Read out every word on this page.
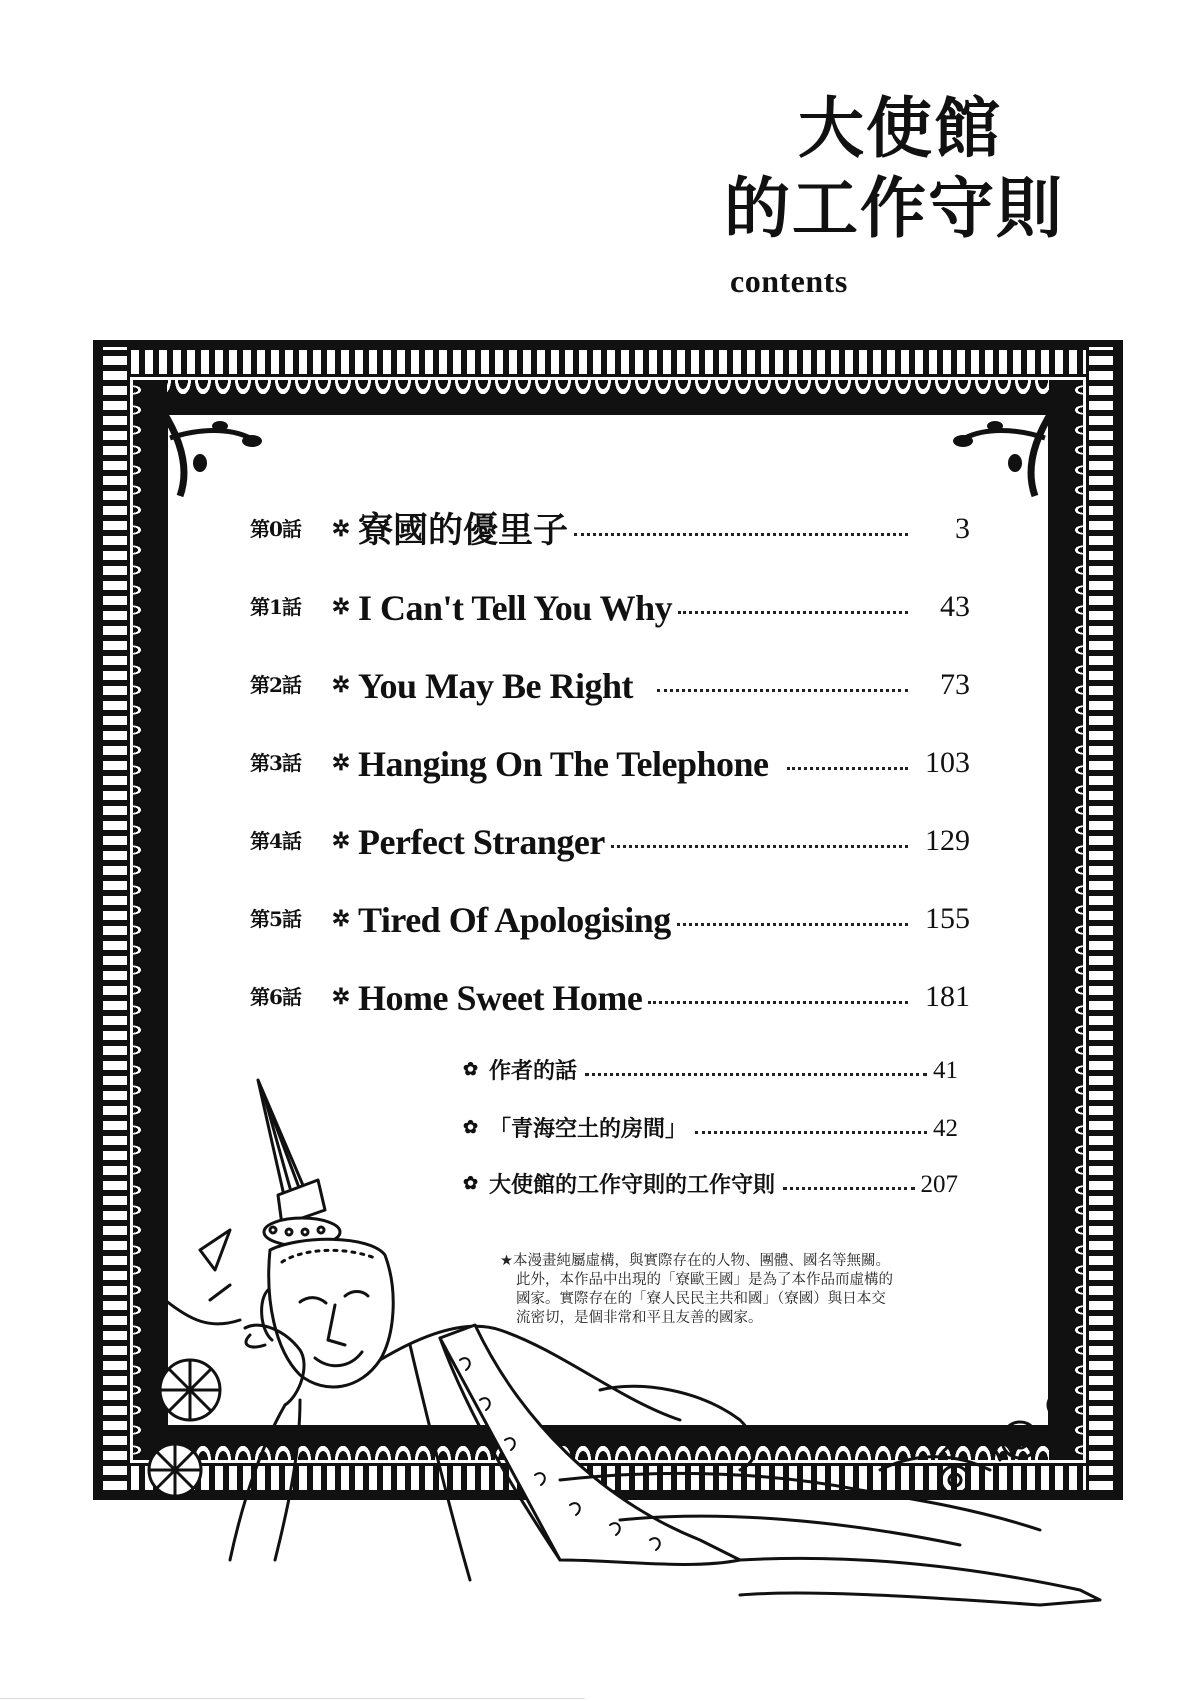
大使館
的工作守則
contents
第0話	✲ 寮國的優里子	3
第1話	✲ I Can't Tell You Why	43
第2話	✲ You May Be Right	73
第3話	✲ Hanging On The Telephone	103
第4話	✲ Perfect Stranger	129
第5話	✲ Tired Of Apologising	155
第6話	✲ Home Sweet Home	181
✿ 作者的話	41
✿ 「青海空土的房間」	42
✿ 大使館的工作守則的工作守則	207
★本漫畫純屬虛構，與實際存在的人物、團體、國名等無關。
此外，本作品中出現的「寮歐王國」是為了本作品而虛構的
國家。實際存在的「寮人民民主共和國」（寮國）與日本交
流密切，是個非常和平且友善的國家。
